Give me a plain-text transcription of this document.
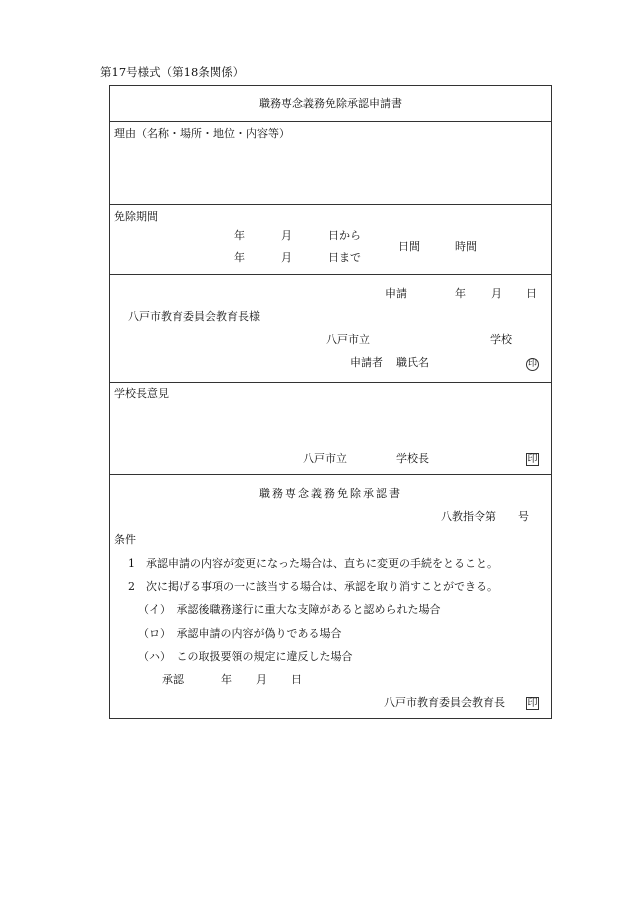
第17号様式（第18条関係）
職務専念義務免除承認申請書
理由（名称・場所・地位・内容等）
免除期間
年	月	日から
年	月	日まで
日間	時間
申請	年 月 日
八戸市教育委員会教育長様
八戸市立	学校
申請者 職氏名	印
学校長意見
八戸市立	学校長	印
職務専念義務免除承認書
八教指令第　　号
条件
1　承認申請の内容が変更になった場合は、直ちに変更の手続をとること。
2　次に掲げる事項の一に該当する場合は、承認を取り消すことができる。
（イ）　承認後職務遂行に重大な支障があると認められた場合
（ロ）　承認申請の内容が偽りである場合
（ハ）　この取扱要領の規定に違反した場合
承認	年 月 日
八戸市教育委員会教育長 印
